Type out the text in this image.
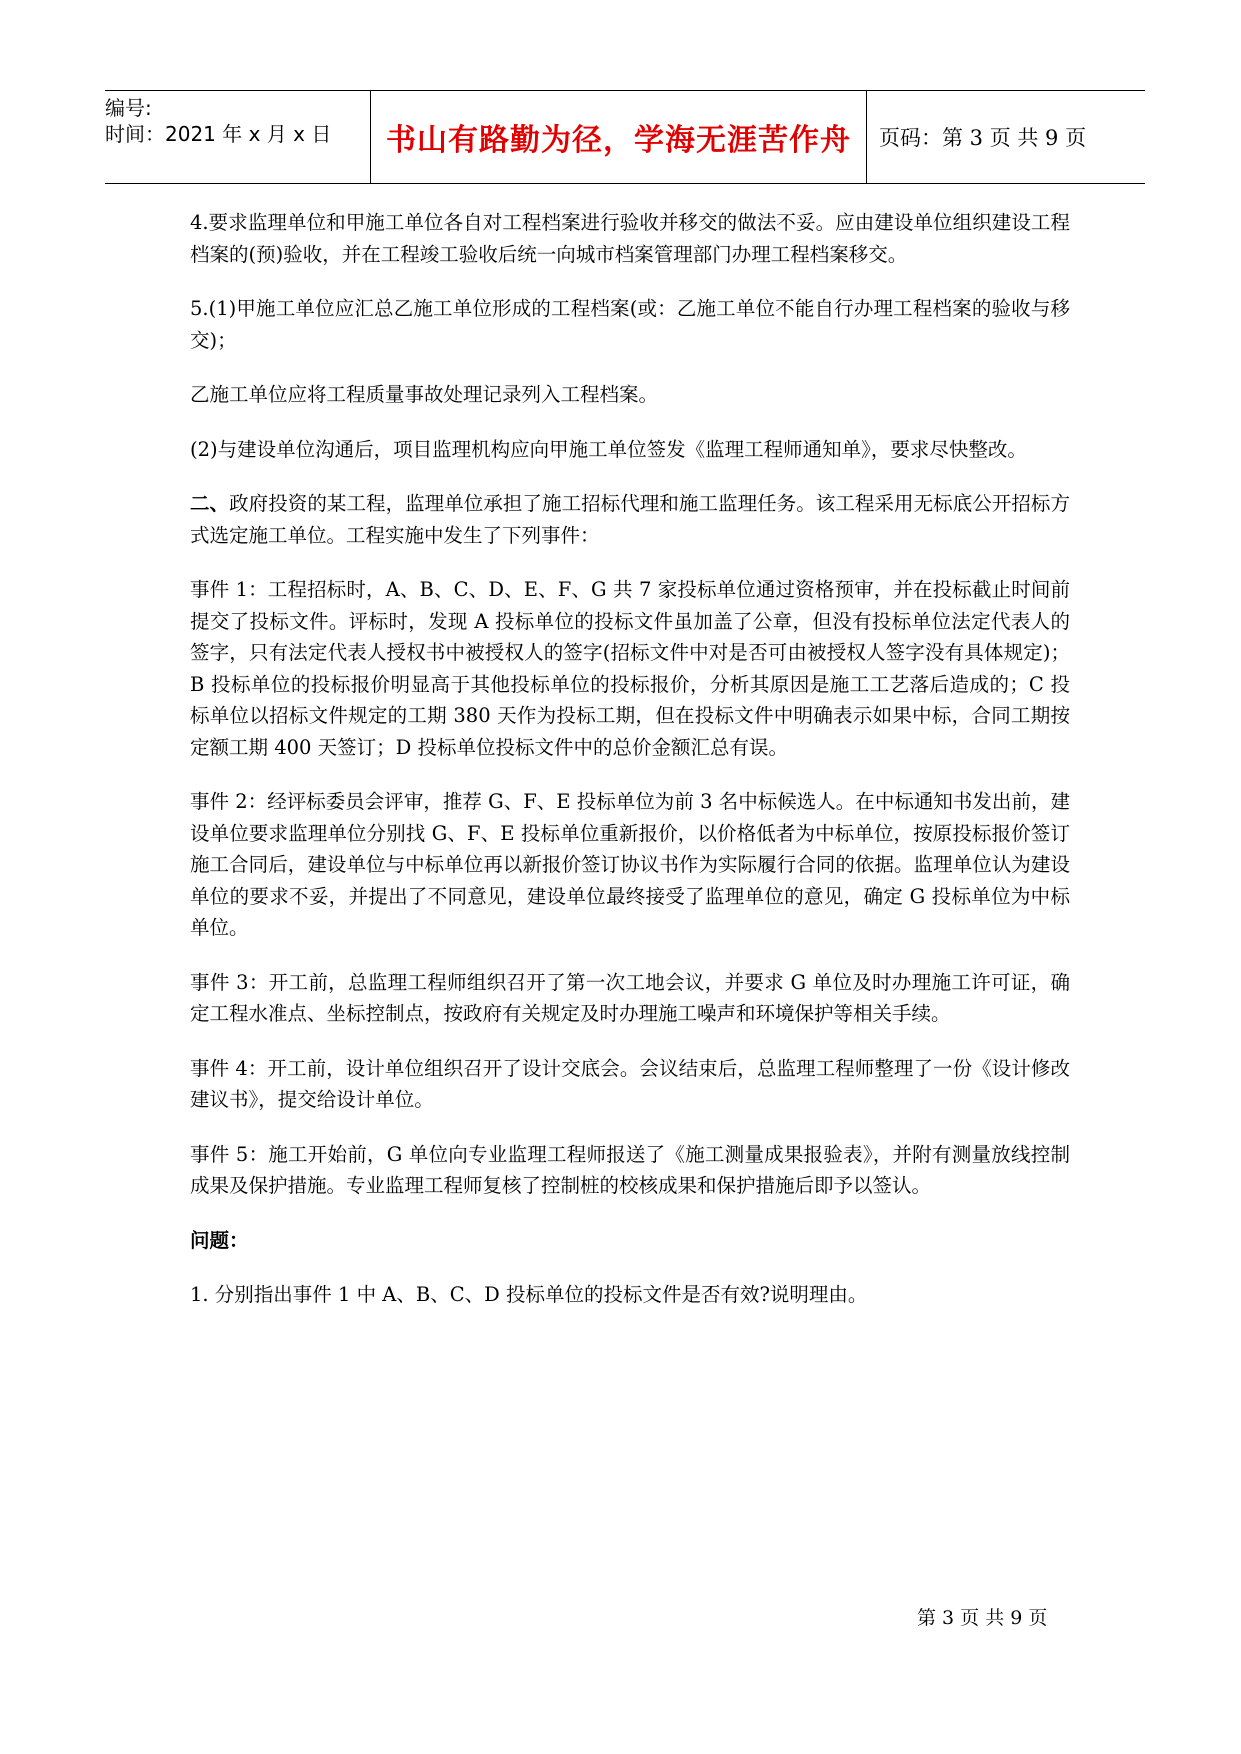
编号:
时间：2021 年 x 月 x 日	书山有路勤为径，学海无涯苦作舟	页码：第 3 页 共 9 页

4.要求监理单位和甲施工单位各自对工程档案进行验收并移交的做法不妥。应由建设单位组织建设工程档案的(预)验收，并在工程竣工验收后统一向城市档案管理部门办理工程档案移交。

5.(1)甲施工单位应汇总乙施工单位形成的工程档案(或：乙施工单位不能自行办理工程档案的验收与移交)；

乙施工单位应将工程质量事故处理记录列入工程档案。

(2)与建设单位沟通后，项目监理机构应向甲施工单位签发《监理工程师通知单》，要求尽快整改。

二、政府投资的某工程，监理单位承担了施工招标代理和施工监理任务。该工程采用无标底公开招标方式选定施工单位。工程实施中发生了下列事件：

事件 1：工程招标时，A、B、C、D、E、F、G 共 7 家投标单位通过资格预审，并在投标截止时间前提交了投标文件。评标时，发现 A 投标单位的投标文件虽加盖了公章，但没有投标单位法定代表人的签字，只有法定代表人授权书中被授权人的签字(招标文件中对是否可由被授权人签字没有具体规定)；B 投标单位的投标报价明显高于其他投标单位的投标报价，分析其原因是施工工艺落后造成的；C 投标单位以招标文件规定的工期 380 天作为投标工期，但在投标文件中明确表示如果中标，合同工期按定额工期 400 天签订；D 投标单位投标文件中的总价金额汇总有误。

事件 2：经评标委员会评审，推荐 G、F、E 投标单位为前 3 名中标候选人。在中标通知书发出前，建设单位要求监理单位分别找 G、F、E 投标单位重新报价，以价格低者为中标单位，按原投标报价签订施工合同后，建设单位与中标单位再以新报价签订协议书作为实际履行合同的依据。监理单位认为建设单位的要求不妥，并提出了不同意见，建设单位最终接受了监理单位的意见，确定 G 投标单位为中标单位。

事件 3：开工前，总监理工程师组织召开了第一次工地会议，并要求 G 单位及时办理施工许可证，确定工程水准点、坐标控制点，按政府有关规定及时办理施工噪声和环境保护等相关手续。

事件 4：开工前，设计单位组织召开了设计交底会。会议结束后，总监理工程师整理了一份《设计修改建议书》，提交给设计单位。

事件 5：施工开始前，G 单位向专业监理工程师报送了《施工测量成果报验表》，并附有测量放线控制成果及保护措施。专业监理工程师复核了控制桩的校核成果和保护措施后即予以签认。

问题：

1. 分别指出事件 1 中 A、B、C、D 投标单位的投标文件是否有效?说明理由。

第 3 页 共 9 页
